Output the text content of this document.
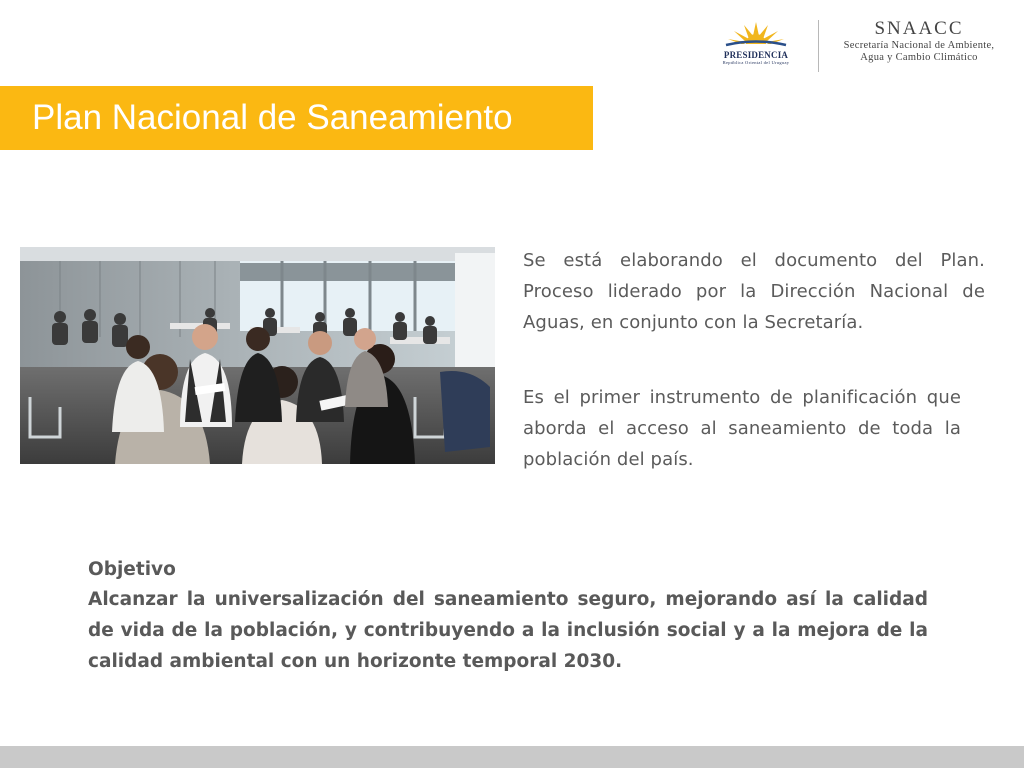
PRESIDENCIA
República Oriental del Uruguay
SNAACC
Secretaría Nacional de Ambiente,
Agua y Cambio Climático
Plan Nacional de Saneamiento

Se está elaborando el documento del Plan. Proceso liderado por la Dirección Nacional de Aguas, en conjunto con la Secretaría.

Es el primer instrumento de planificación que aborda el acceso al saneamiento de toda la población del país.

Objetivo

Alcanzar la universalización del saneamiento seguro, mejorando así la calidad de vida de la población, y contribuyendo a la inclusión social y a la mejora de la calidad ambiental con un horizonte temporal 2030.
